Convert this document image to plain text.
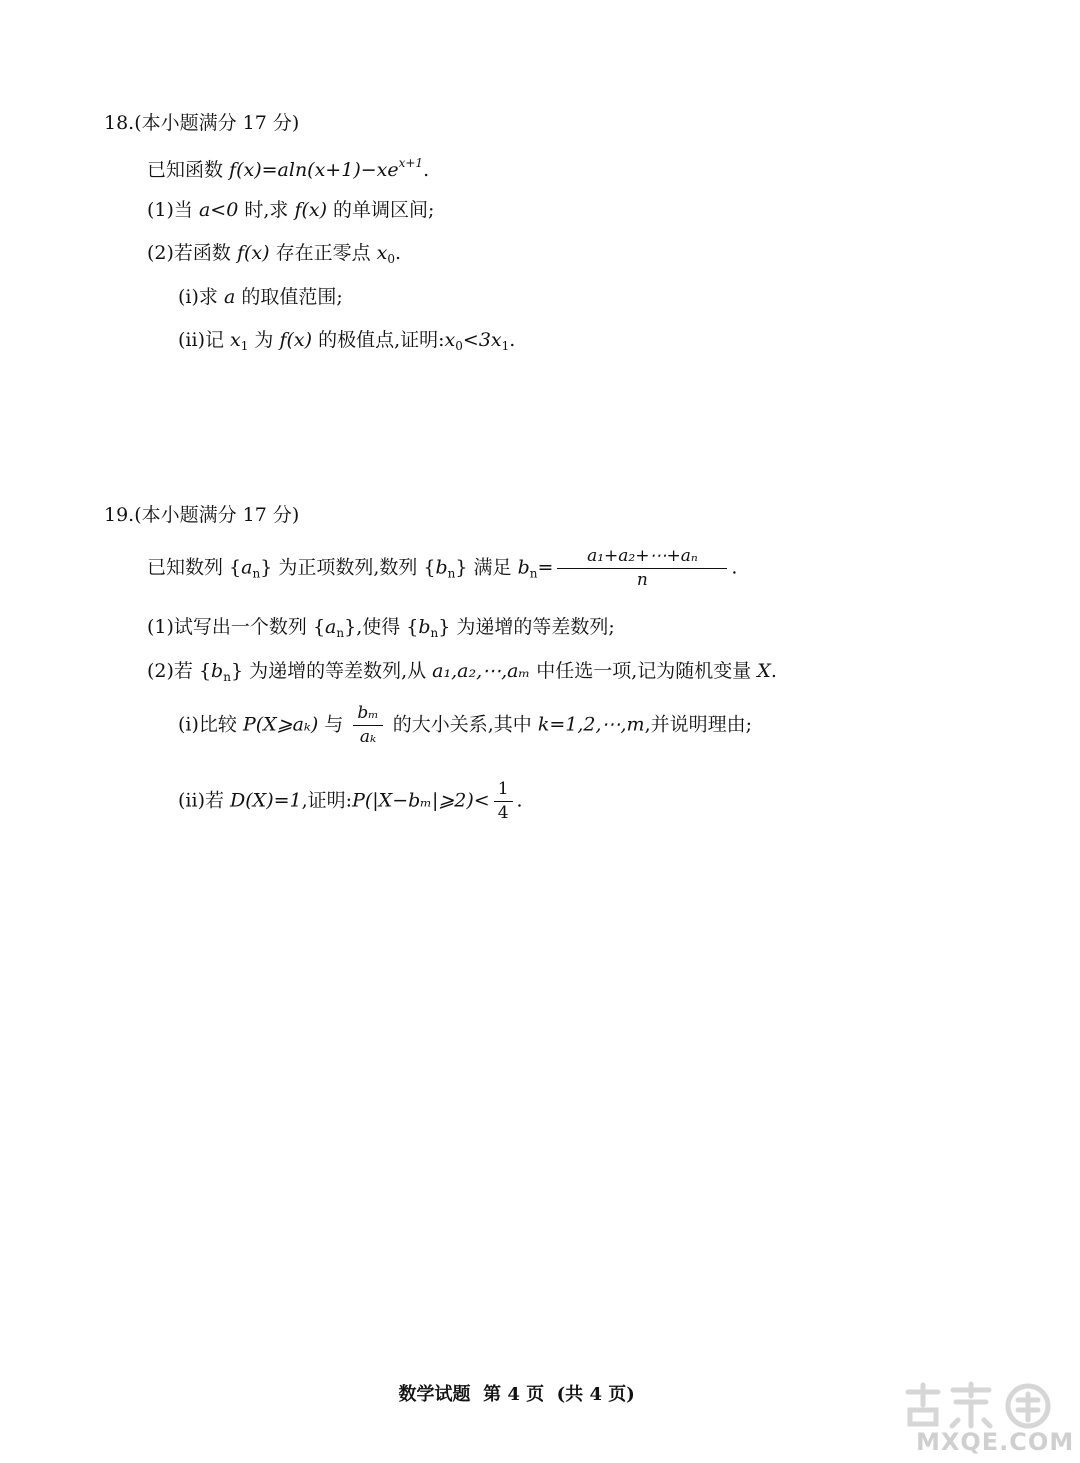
18.(本小题满分 17 分)
已知函数 $f(x)=aln(x+1)-xe^{x+1}$.
(1)当 a<0 时,求 f(x) 的单调区间;
(2)若函数 f(x) 存在正零点 $x_0$.
(i)求 a 的取值范围;
(ii)记 $x_1$ 为 f(x) 的极值点,证明$:x_0<3x_1$.
19.(本小题满分 17 分)
已知数列 $\{a_n\}$ 为正项数列,数列 $\{b_n\}$ 满足 $b_n= \frac{\text{a₁+a₂+⋯+aₙ}}{n}$ .
(1)试写出一个数列 $\{a_n\}$,使得 $\{b_n\}$ 为递增的等差数列;
(2)若 $\{b_n\}$ 为递增的等差数列,从 a₁,a₂,⋯,aₘ 中任选一项,记为随机变量 X.
(i)比较 P(X⩾aₖ) 与 $\frac{\text{bₘ}}{\text{aₖ}}$ 的大小关系,其中 k=1,2,⋯,m,并说明理由;
(ii)若 D(X)=1,证明:P(|X−bₘ|⩾2)< $\frac{1}{4}$ .

数学试题  第 4 页  (共 4 页)

MXQE.COM
